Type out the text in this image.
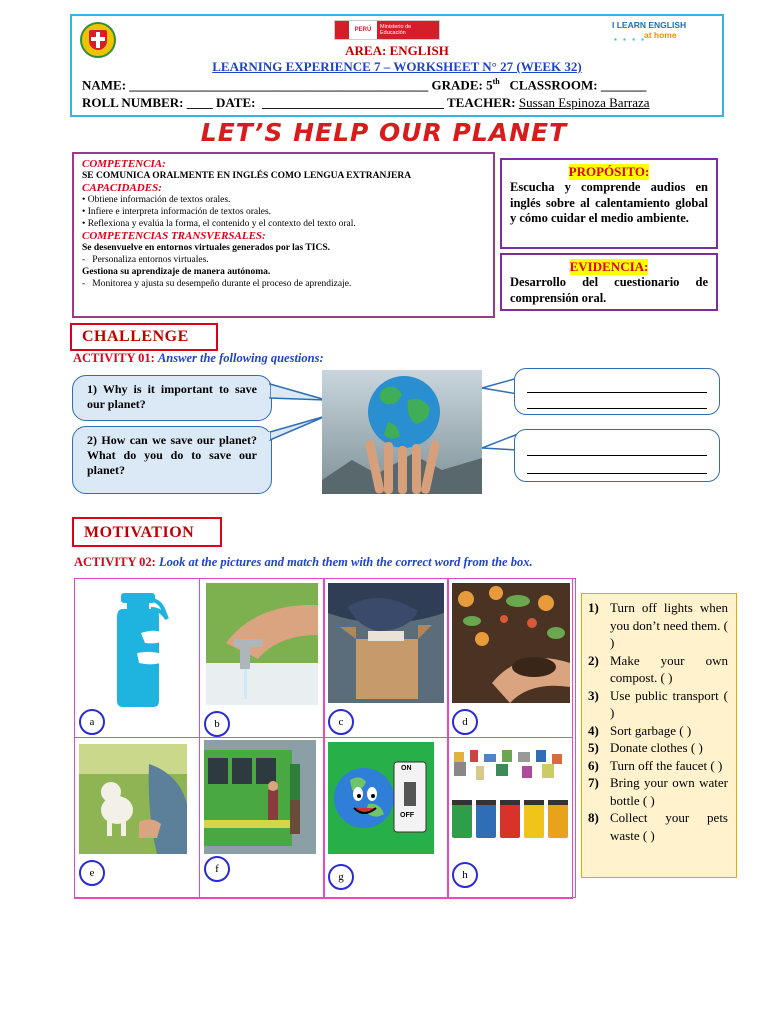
PERÚ	Ministerio de Educación
I LEARN ENGLISH
at home
▪ ▪ ▪ ▪
AREA: ENGLISH
LEARNING EXPERIENCE 7 – WORKSHEET N° 27 (WEEK 32)
NAME: ______________________________________________ GRADE: 5th   CLASSROOM: _______
ROLL NUMBER: ____ DATE:  ____________________________ TEACHER: Sussan Espinoza Barraza
LET’S HELP OUR PLANET
COMPETENCIA:
SE COMUNICA ORALMENTE EN INGLÉS COMO LENGUA EXTRANJERA
CAPACIDADES:
• Obtiene información de textos orales.
• Infiere e interpreta información de textos orales.
• Reflexiona y evalúa la forma, el contenido y el contexto del texto oral.
COMPETENCIAS TRANSVERSALES:
Se desenvuelve en entornos virtuales generados por las TICS.
-   Personaliza entornos virtuales.
Gestiona su aprendizaje de manera autónoma.
-   Monitorea y ajusta su desempeño durante el proceso de aprendizaje.
PROPÓSITO:
Escucha y comprende audios en inglés sobre al calentamiento global y cómo cuidar el medio ambiente.
EVIDENCIA:
Desarrollo del cuestionario de comprensión oral.
CHALLENGE
ACTIVITY 01: Answer the following questions:
1) Why is it important to save our planet?
2) How can we save our planet? What do you do to save our planet?
MOTIVATION
ACTIVITY 02: Look at the pictures and match them with the correct word from the box.
a	b	c	d
e	f
ON
OFF
g	h
1) Turn off lights when you don’t need them. ( )
2) Make your own compost. ( )
3) Use public transport ( )
4) Sort garbage ( )
5) Donate clothes ( )
6) Turn off the faucet ( )
7) Bring your own water bottle ( )
8) Collect your pets waste ( )
